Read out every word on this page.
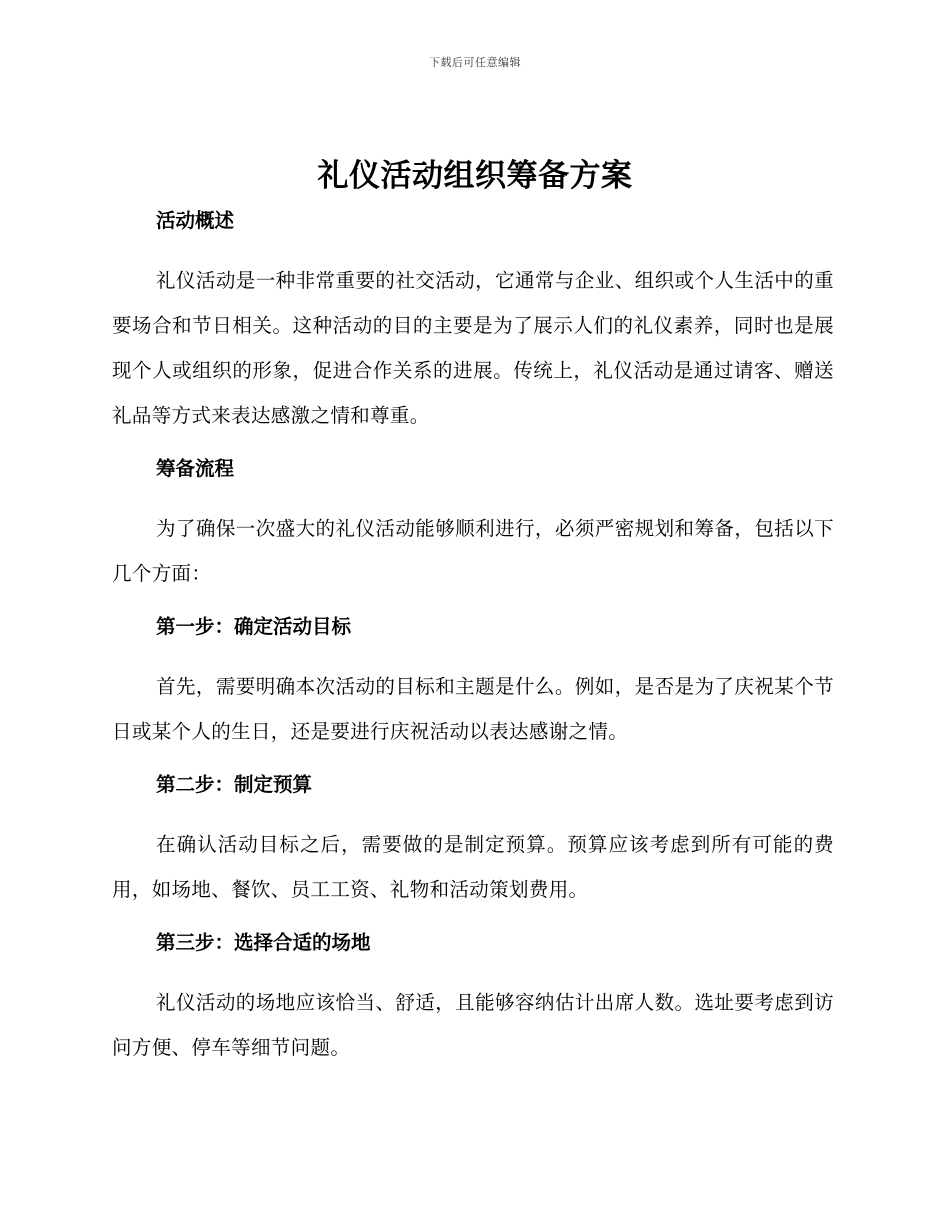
下载后可任意编辑
礼仪活动组织筹备方案
活动概述

礼仪活动是一种非常重要的社交活动，它通常与企业、组织或个人生活中的重要场合和节日相关。这种活动的目的主要是为了展示人们的礼仪素养，同时也是展现个人或组织的形象，促进合作关系的进展。传统上，礼仪活动是通过请客、赠送礼品等方式来表达感激之情和尊重。

筹备流程

为了确保一次盛大的礼仪活动能够顺利进行，必须严密规划和筹备，包括以下几个方面：

第一步：确定活动目标

首先，需要明确本次活动的目标和主题是什么。例如，是否是为了庆祝某个节日或某个人的生日，还是要进行庆祝活动以表达感谢之情。

第二步：制定预算

在确认活动目标之后，需要做的是制定预算。预算应该考虑到所有可能的费用，如场地、餐饮、员工工资、礼物和活动策划费用。

第三步：选择合适的场地

礼仪活动的场地应该恰当、舒适，且能够容纳估计出席人数。选址要考虑到访问方便、停车等细节问题。
